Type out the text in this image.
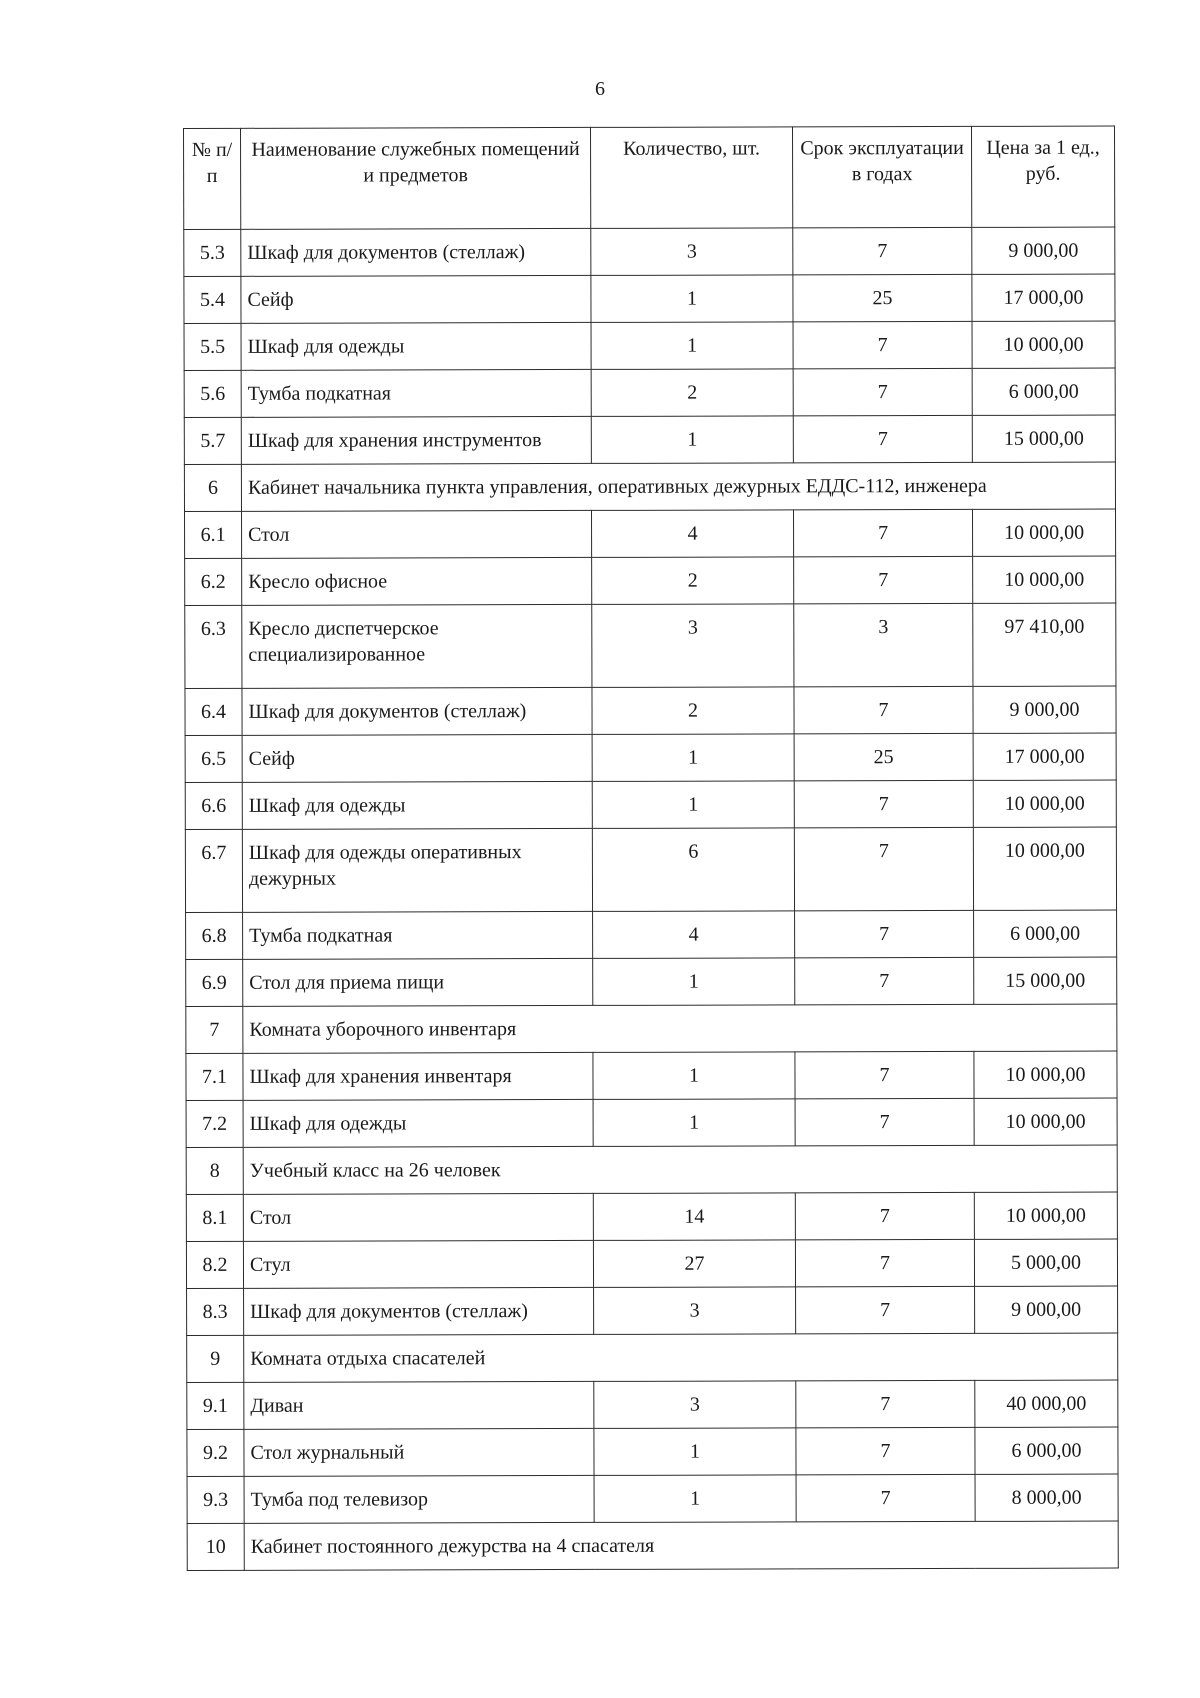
6
№ п/п	Наименование служебных помещений и предметов	Количество, шт.	Срок эксплуатации в годах	Цена за 1 ед., руб.
5.3	Шкаф для документов (стеллаж)	3	7	9 000,00
5.4	Сейф	1	25	17 000,00
5.5	Шкаф для одежды	1	7	10 000,00
5.6	Тумба подкатная	2	7	6 000,00
5.7	Шкаф для хранения инструментов	1	7	15 000,00
6	Кабинет начальника пункта управления, оперативных дежурных ЕДДС-112, инженера			
6.1	Стол	4	7	10 000,00
6.2	Кресло офисное	2	7	10 000,00
6.3	Кресло диспетчерское специализированное	3	3	97 410,00
6.4	Шкаф для документов (стеллаж)	2	7	9 000,00
6.5	Сейф	1	25	17 000,00
6.6	Шкаф для одежды	1	7	10 000,00
6.7	Шкаф для одежды оперативных дежурных	6	7	10 000,00
6.8	Тумба подкатная	4	7	6 000,00
6.9	Стол для приема пищи	1	7	15 000,00
7	Комната уборочного инвентаря			
7.1	Шкаф для хранения инвентаря	1	7	10 000,00
7.2	Шкаф для одежды	1	7	10 000,00
8	Учебный класс на 26 человек			
8.1	Стол	14	7	10 000,00
8.2	Стул	27	7	5 000,00
8.3	Шкаф для документов (стеллаж)	3	7	9 000,00
9	Комната отдыха спасателей			
9.1	Диван	3	7	40 000,00
9.2	Стол журнальный	1	7	6 000,00
9.3	Тумба под телевизор	1	7	8 000,00
10	Кабинет постоянного дежурства на 4 спасателя			
